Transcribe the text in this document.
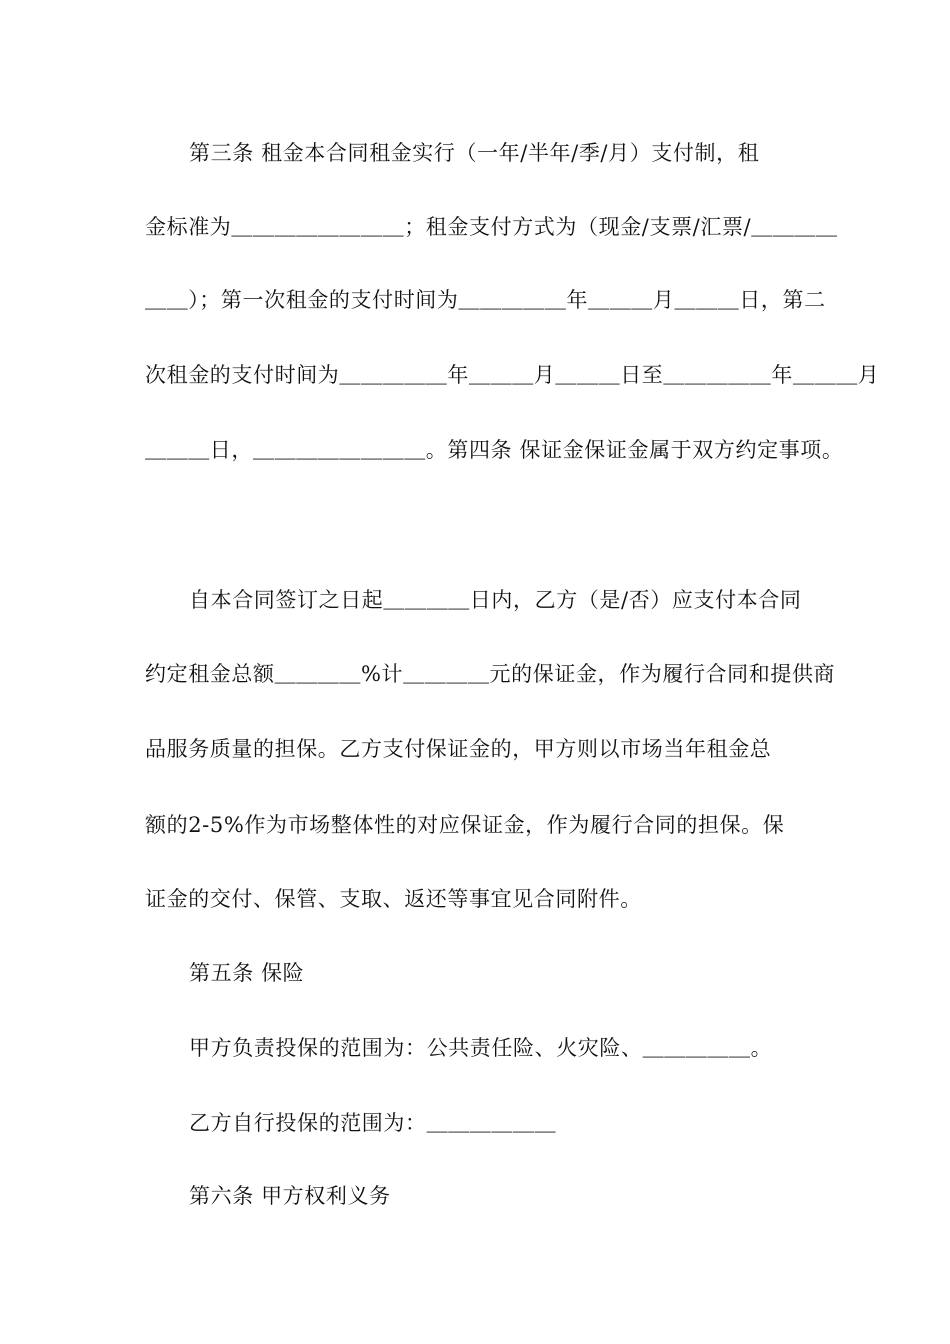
第三条 租金本合同租金实行（一年/半年/季/月）支付制，租
金标准为＿＿＿＿＿＿＿＿；租金支付方式为（现金/支票/汇票/＿＿＿＿
＿＿）；第一次租金的支付时间为＿＿＿＿＿年＿＿＿月＿＿＿日，第二
次租金的支付时间为＿＿＿＿＿年＿＿＿月＿＿＿日至＿＿＿＿＿年＿＿＿月
＿＿＿日，＿＿＿＿＿＿＿＿。第四条 保证金保证金属于双方约定事项。
自本合同签订之日起＿＿＿＿日内，乙方（是/否）应支付本合同
约定租金总额＿＿＿＿%计＿＿＿＿元的保证金，作为履行合同和提供商
品服务质量的担保。乙方支付保证金的，甲方则以市场当年租金总
额的2-5%作为市场整体性的对应保证金，作为履行合同的担保。保
证金的交付、保管、支取、返还等事宜见合同附件。
第五条 保险
甲方负责投保的范围为：公共责任险、火灾险、＿＿＿＿＿。
乙方自行投保的范围为：＿＿＿＿＿＿
第六条 甲方权利义务
